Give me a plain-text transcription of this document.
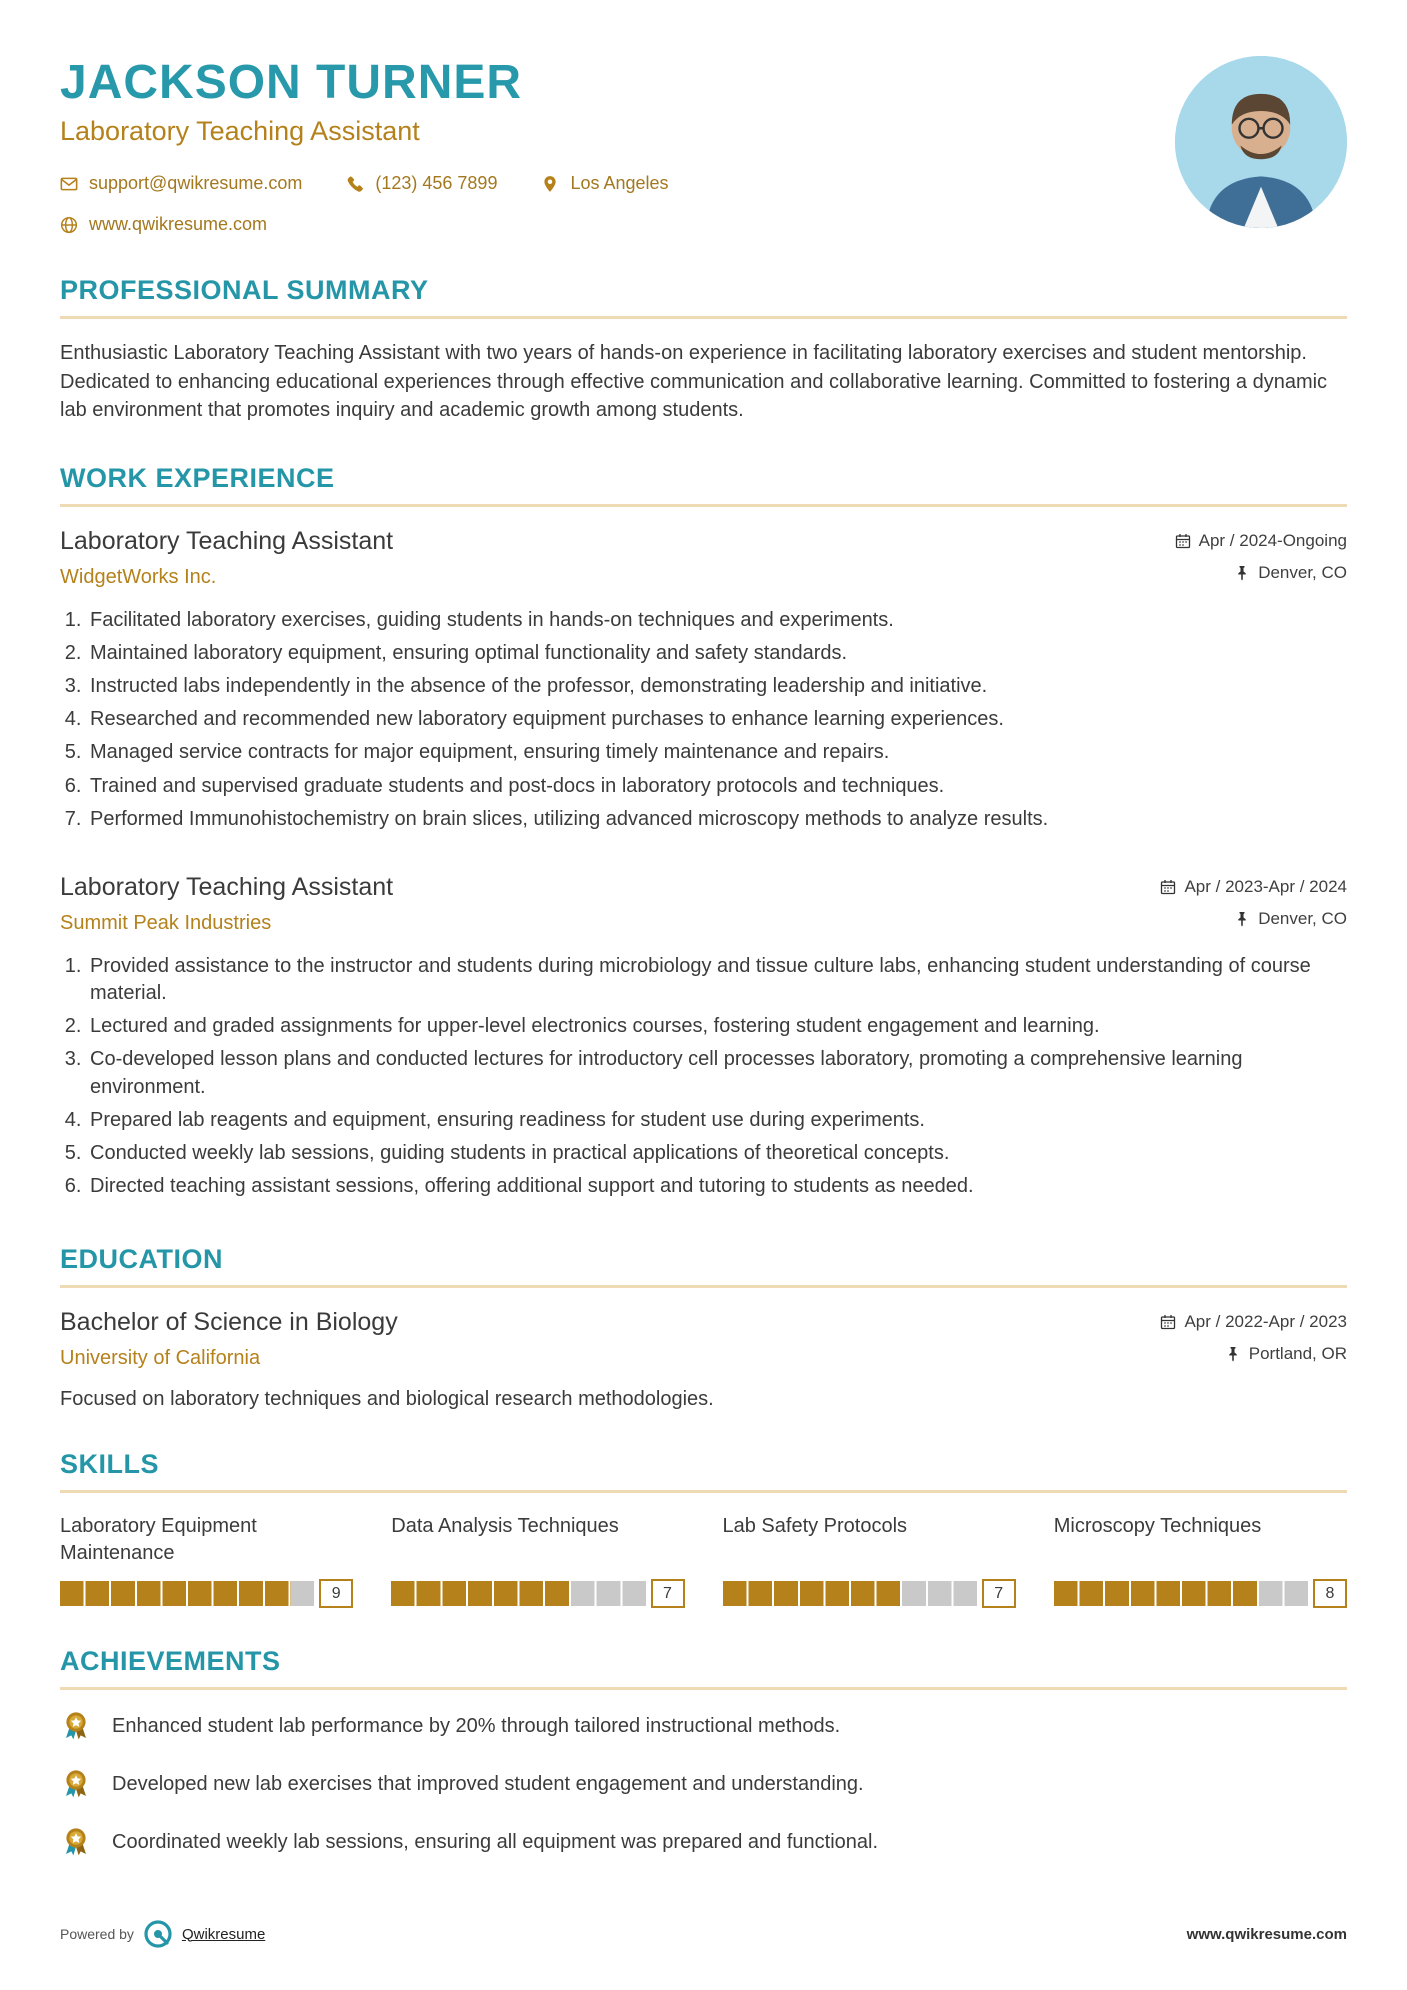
JACKSON TURNER
Laboratory Teaching Assistant
support@qwikresume.com	(123) 456 7899	Los Angeles
www.qwikresume.com
PROFESSIONAL SUMMARY

Enthusiastic Laboratory Teaching Assistant with two years of hands-on experience in facilitating laboratory exercises and student mentorship. Dedicated to enhancing educational experiences through effective communication and collaborative learning. Committed to fostering a dynamic lab environment that promotes inquiry and academic growth among students.

WORK EXPERIENCE
Laboratory Teaching Assistant
WidgetWorks Inc.
Apr / 2024-Ongoing
Denver, CO
1. Facilitated laboratory exercises, guiding students in hands-on techniques and experiments.
2. Maintained laboratory equipment, ensuring optimal functionality and safety standards.
3. Instructed labs independently in the absence of the professor, demonstrating leadership and initiative.
4. Researched and recommended new laboratory equipment purchases to enhance learning experiences.
5. Managed service contracts for major equipment, ensuring timely maintenance and repairs.
6. Trained and supervised graduate students and post-docs in laboratory protocols and techniques.
7. Performed Immunohistochemistry on brain slices, utilizing advanced microscopy methods to analyze results.
Laboratory Teaching Assistant
Summit Peak Industries
Apr / 2023-Apr / 2024
Denver, CO
1. Provided assistance to the instructor and students during microbiology and tissue culture labs, enhancing student understanding of course material.
2. Lectured and graded assignments for upper-level electronics courses, fostering student engagement and learning.
3. Co-developed lesson plans and conducted lectures for introductory cell processes laboratory, promoting a comprehensive learning environment.
4. Prepared lab reagents and equipment, ensuring readiness for student use during experiments.
5. Conducted weekly lab sessions, guiding students in practical applications of theoretical concepts.
6. Directed teaching assistant sessions, offering additional support and tutoring to students as needed.
EDUCATION
Bachelor of Science in Biology
University of California
Apr / 2022-Apr / 2023
Portland, OR

Focused on laboratory techniques and biological research methodologies.

SKILLS
Laboratory Equipment Maintenance
9
Data Analysis Techniques
7
Lab Safety Protocols
7
Microscopy Techniques
8
ACHIEVEMENTS
Enhanced student lab performance by 20% through tailored instructional methods.
Developed new lab exercises that improved student engagement and understanding.
Coordinated weekly lab sessions, ensuring all equipment was prepared and functional.
Powered by	Qwikresume	www.qwikresume.com
